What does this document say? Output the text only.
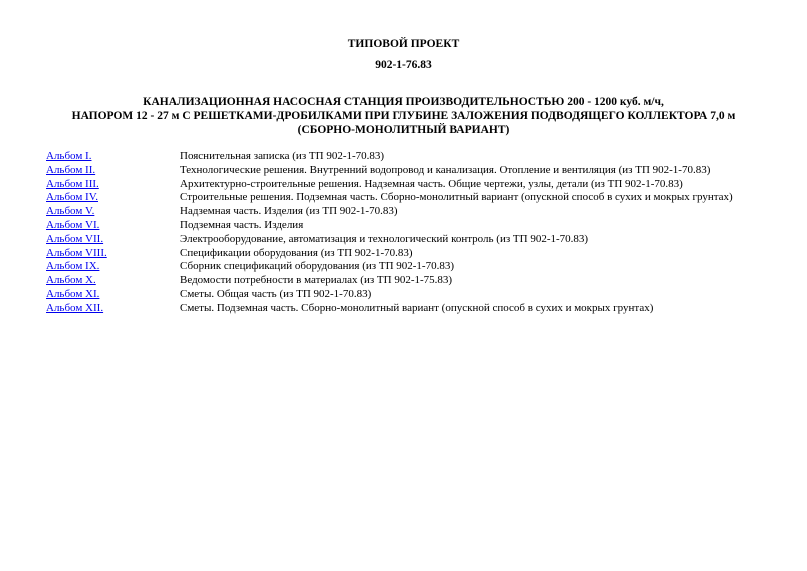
ТИПОВОЙ ПРОЕКТ
902-1-76.83
КАНАЛИЗАЦИОННАЯ НАСОСНАЯ СТАНЦИЯ ПРОИЗВОДИТЕЛЬНОСТЬЮ 200 - 1200 куб. м/ч,
НАПОРОМ 12 - 27 м С РЕШЕТКАМИ-ДРОБИЛКАМИ ПРИ ГЛУБИНЕ ЗАЛОЖЕНИЯ ПОДВОДЯЩЕГО КОЛЛЕКТОРА 7,0 м
(СБОРНО-МОНОЛИТНЫЙ ВАРИАНТ)
Альбом I.	Пояснительная записка (из ТП 902-1-70.83)
Альбом II.	Технологические решения. Внутренний водопровод и канализация. Отопление и вентиляция (из ТП 902-1-70.83)
Альбом III.	Архитектурно-строительные решения. Надземная часть. Общие чертежи, узлы, детали (из ТП 902-1-70.83)
Альбом IV.	Строительные решения. Подземная часть. Сборно-монолитный вариант (опускной способ в сухих и мокрых грунтах)
Альбом V.	Надземная часть. Изделия (из ТП 902-1-70.83)
Альбом VI.	Подземная часть. Изделия
Альбом VII.	Электрооборудование, автоматизация и технологический контроль (из ТП 902-1-70.83)
Альбом VIII.	Спецификации оборудования (из ТП 902-1-70.83)
Альбом IX.	Сборник спецификаций оборудования (из ТП 902-1-70.83)
Альбом X.	Ведомости потребности в материалах (из ТП 902-1-75.83)
Альбом XI.	Сметы. Общая часть (из ТП 902-1-70.83)
Альбом XII.	Сметы. Подземная часть. Сборно-монолитный вариант (опускной способ в сухих и мокрых грунтах)
